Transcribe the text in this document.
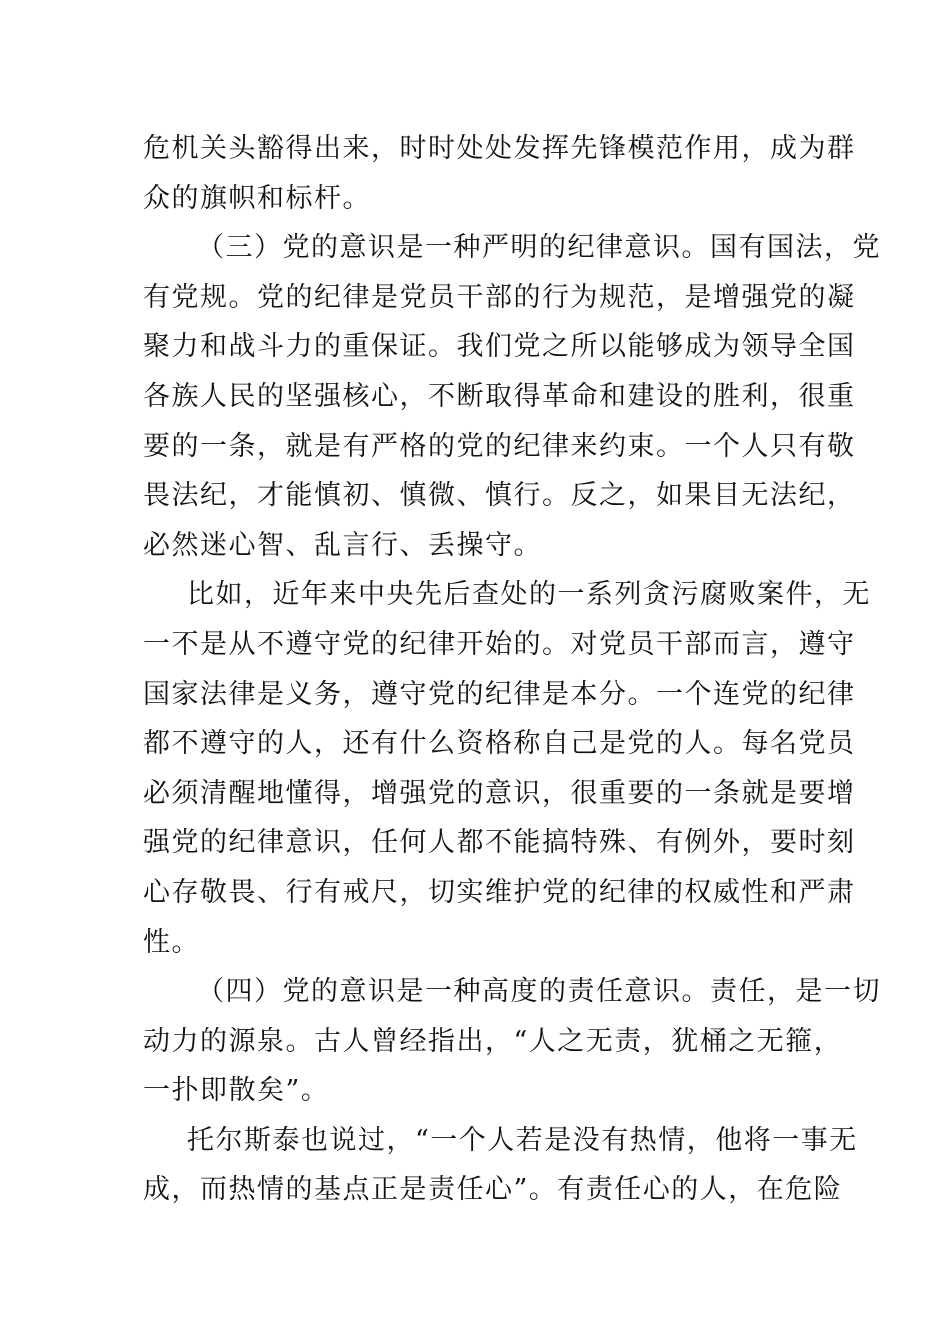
危机关头豁得出来，时时处处发挥先锋模范作用，成为群
众的旗帜和标杆。
（三）党的意识是一种严明的纪律意识。国有国法，党
有党规。党的纪律是党员干部的行为规范，是增强党的凝
聚力和战斗力的重保证。我们党之所以能够成为领导全国
各族人民的坚强核心，不断取得革命和建设的胜利，很重
要的一条，就是有严格的党的纪律来约束。一个人只有敬
畏法纪，才能慎初、慎微、慎行。反之，如果目无法纪，
必然迷心智、乱言行、丢操守。
比如，近年来中央先后查处的一系列贪污腐败案件，无
一不是从不遵守党的纪律开始的。对党员干部而言，遵守
国家法律是义务，遵守党的纪律是本分。一个连党的纪律
都不遵守的人，还有什么资格称自己是党的人。每名党员
必须清醒地懂得，增强党的意识，很重要的一条就是要增
强党的纪律意识，任何人都不能搞特殊、有例外，要时刻
心存敬畏、行有戒尺，切实维护党的纪律的权威性和严肃
性。
（四）党的意识是一种高度的责任意识。责任，是一切
动力的源泉。古人曾经指出，“人之无责，犹桶之无箍，
一扑即散矣”。
托尔斯泰也说过，“一个人若是没有热情，他将一事无
成，而热情的基点正是责任心”。有责任心的人，在危险
